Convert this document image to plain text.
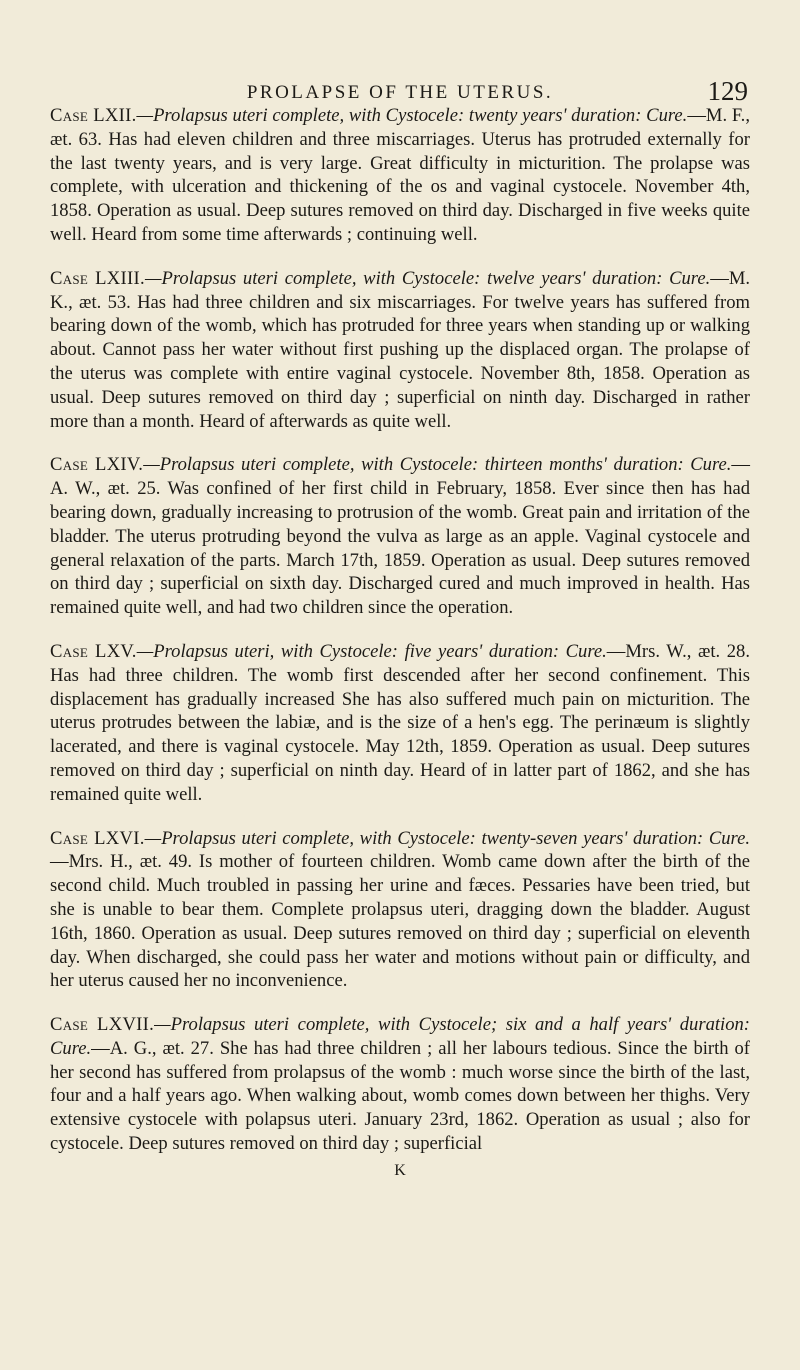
PROLAPSE OF THE UTERUS.	129

Case LXII.—Prolapsus uteri complete, with Cystocele: twenty years' duration: Cure.—M. F., æt. 63. Has had eleven children and three miscarriages. Uterus has protruded externally for the last twenty years, and is very large. Great difficulty in micturition. The prolapse was complete, with ulceration and thickening of the os and vaginal cystocele. November 4th, 1858. Operation as usual. Deep sutures removed on third day. Discharged in five weeks quite well. Heard from some time afterwards ; continuing well.

Case LXIII.—Prolapsus uteri complete, with Cystocele: twelve years' duration: Cure.—M. K., æt. 53. Has had three children and six miscarriages. For twelve years has suffered from bearing down of the womb, which has protruded for three years when standing up or walking about. Cannot pass her water without first pushing up the displaced organ. The prolapse of the uterus was complete with entire vaginal cystocele. November 8th, 1858. Operation as usual. Deep sutures removed on third day ; superficial on ninth day. Discharged in rather more than a month. Heard of afterwards as quite well.

Case LXIV.—Prolapsus uteri complete, with Cystocele: thirteen months' duration: Cure.—A. W., æt. 25. Was confined of her first child in February, 1858. Ever since then has had bearing down, gradually increasing to protrusion of the womb. Great pain and irritation of the bladder. The uterus protruding beyond the vulva as large as an apple. Vaginal cystocele and general relaxation of the parts. March 17th, 1859. Operation as usual. Deep sutures removed on third day ; superficial on sixth day. Discharged cured and much improved in health. Has remained quite well, and had two children since the operation.

Case LXV.—Prolapsus uteri, with Cystocele: five years' duration: Cure.—Mrs. W., æt. 28. Has had three children. The womb first descended after her second confinement. This displacement has gradually increased She has also suffered much pain on micturition. The uterus protrudes between the labiæ, and is the size of a hen's egg. The perinæum is slightly lacerated, and there is vaginal cystocele. May 12th, 1859. Operation as usual. Deep sutures removed on third day ; superficial on ninth day. Heard of in latter part of 1862, and she has remained quite well.

Case LXVI.—Prolapsus uteri complete, with Cystocele: twenty-seven years' duration: Cure.—Mrs. H., æt. 49. Is mother of fourteen children. Womb came down after the birth of the second child. Much troubled in passing her urine and fæces. Pessaries have been tried, but she is unable to bear them. Complete prolapsus uteri, dragging down the bladder. August 16th, 1860. Operation as usual. Deep sutures removed on third day ; superficial on eleventh day. When discharged, she could pass her water and motions without pain or difficulty, and her uterus caused her no inconvenience.

Case LXVII.—Prolapsus uteri complete, with Cystocele; six and a half years' duration: Cure.—A. G., æt. 27. She has had three children ; all her labours tedious. Since the birth of her second has suffered from prolapsus of the womb : much worse since the birth of the last, four and a half years ago. When walking about, womb comes down between her thighs. Very extensive cystocele with polapsus uteri. January 23rd, 1862. Operation as usual ; also for cystocele. Deep sutures removed on third day ; superficial

K
